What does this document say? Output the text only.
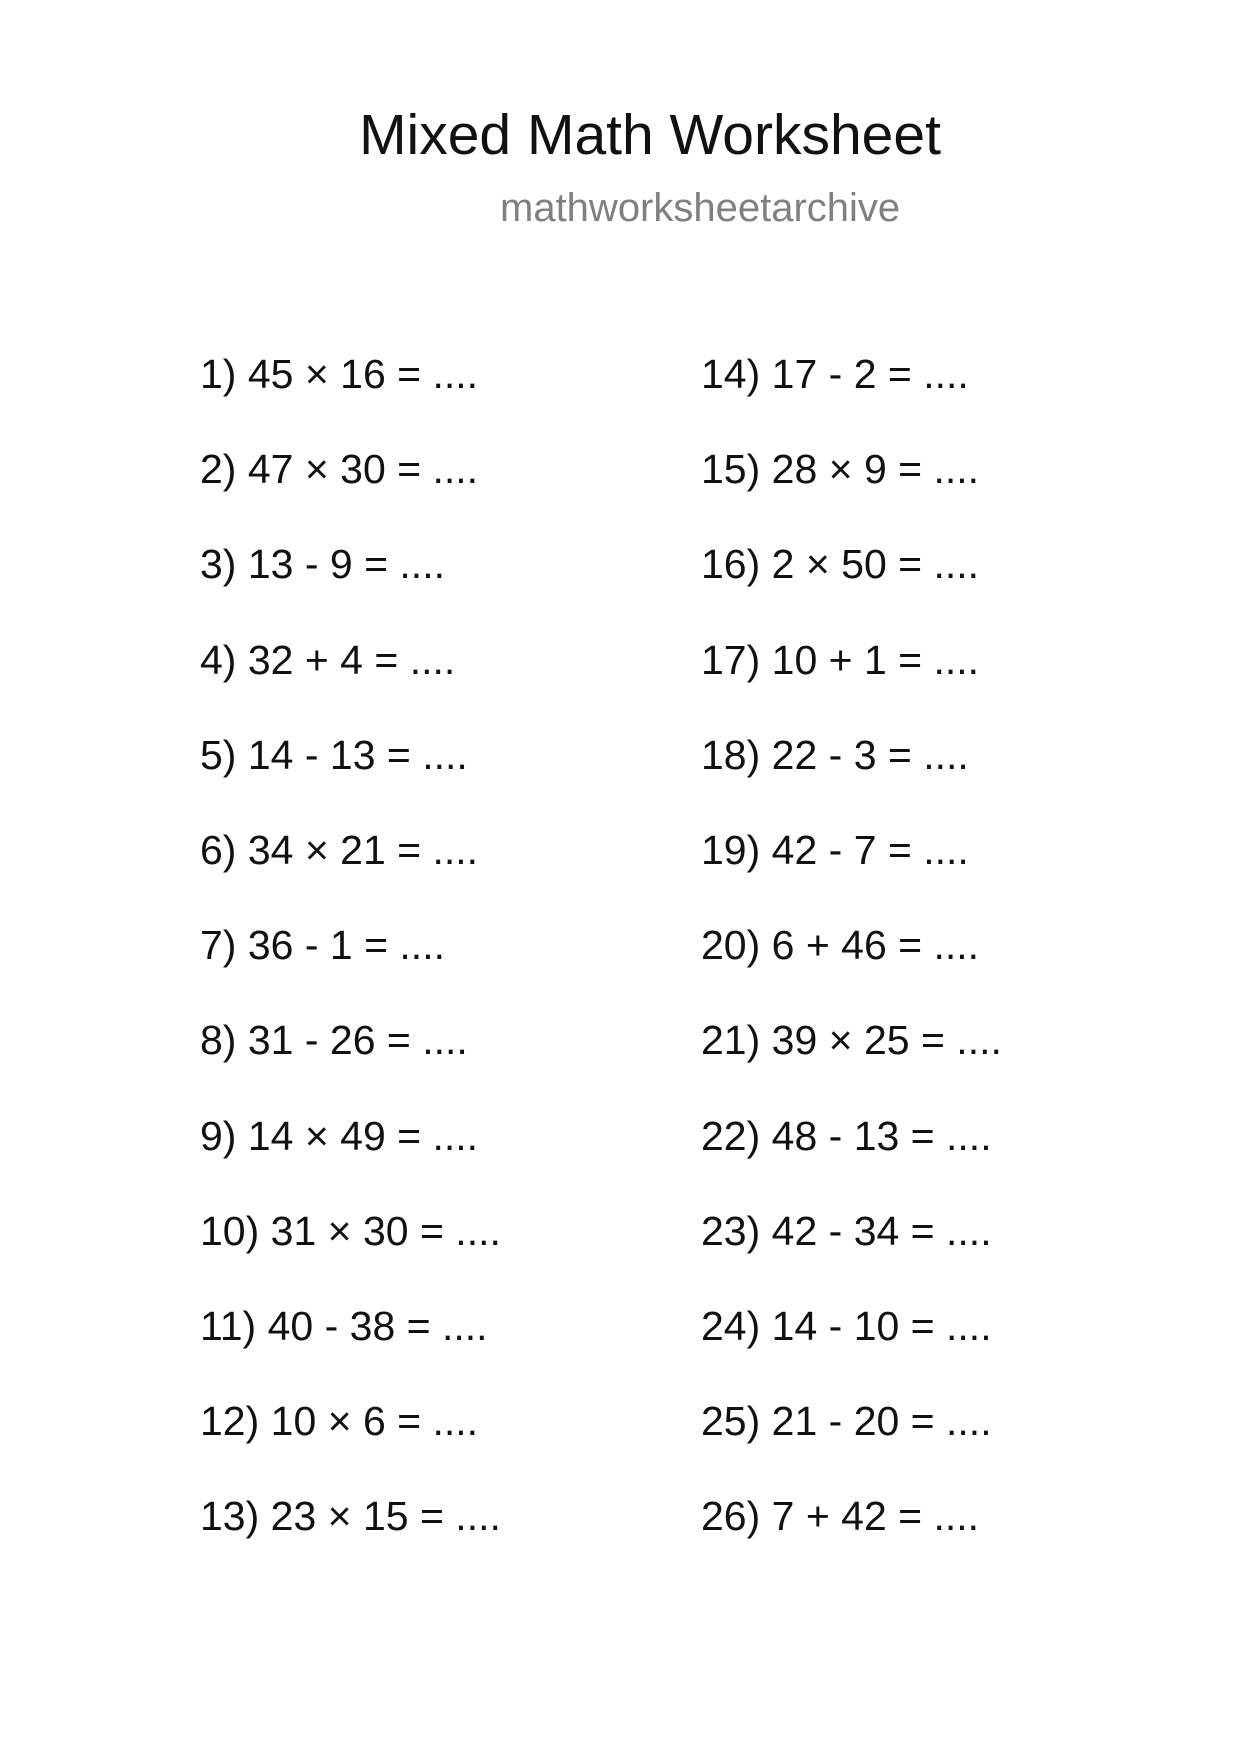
Mixed Math Worksheet
mathworksheetarchive
1) 45 × 16 = ....
2) 47 × 30 = ....
3) 13 - 9 = ....
4) 32 + 4 = ....
5) 14 - 13 = ....
6) 34 × 21 = ....
7) 36 - 1 = ....
8) 31 - 26 = ....
9) 14 × 49 = ....
10) 31 × 30 = ....
11) 40 - 38 = ....
12) 10 × 6 = ....
13) 23 × 15 = ....
14) 17 - 2 = ....
15) 28 × 9 = ....
16) 2 × 50 = ....
17) 10 + 1 = ....
18) 22 - 3 = ....
19) 42 - 7 = ....
20) 6 + 46 = ....
21) 39 × 25 = ....
22) 48 - 13 = ....
23) 42 - 34 = ....
24) 14 - 10 = ....
25) 21 - 20 = ....
26) 7 + 42 = ....
